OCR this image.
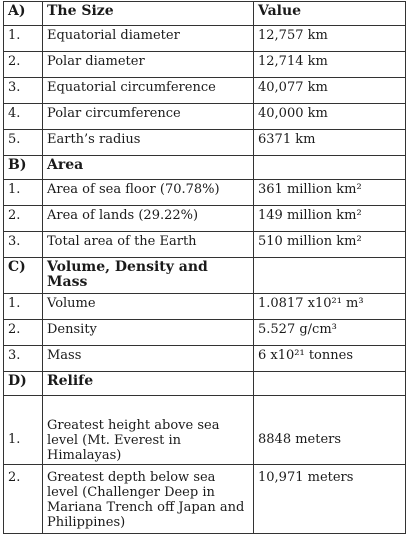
A)	The Size	Value
1.	Equatorial diameter	12,757 km
2.	Polar diameter	12,714 km
3.	Equatorial circumference	40,077 km
4.	Polar circumference	40,000 km
5.	Earth’s radius	6371 km
B)	Area	
1.	Area of sea floor (70.78%)	361 million km²
2.	Area of lands (29.22%)	149 million km²
3.	Total area of the Earth	510 million km²
C)	Volume, Density and Mass	
1.	Volume	1.0817 x10²¹ m³
2.	Density	5.527 g/cm³
3.	Mass	6 x10²¹ tonnes
D)	Relife	
1.	Greatest height above sea level (Mt. Everest in Himalayas)	8848 meters
2.	Greatest depth below sea level (Challenger Deep in Mariana Trench off Japan and Philippines)	10,971 meters
